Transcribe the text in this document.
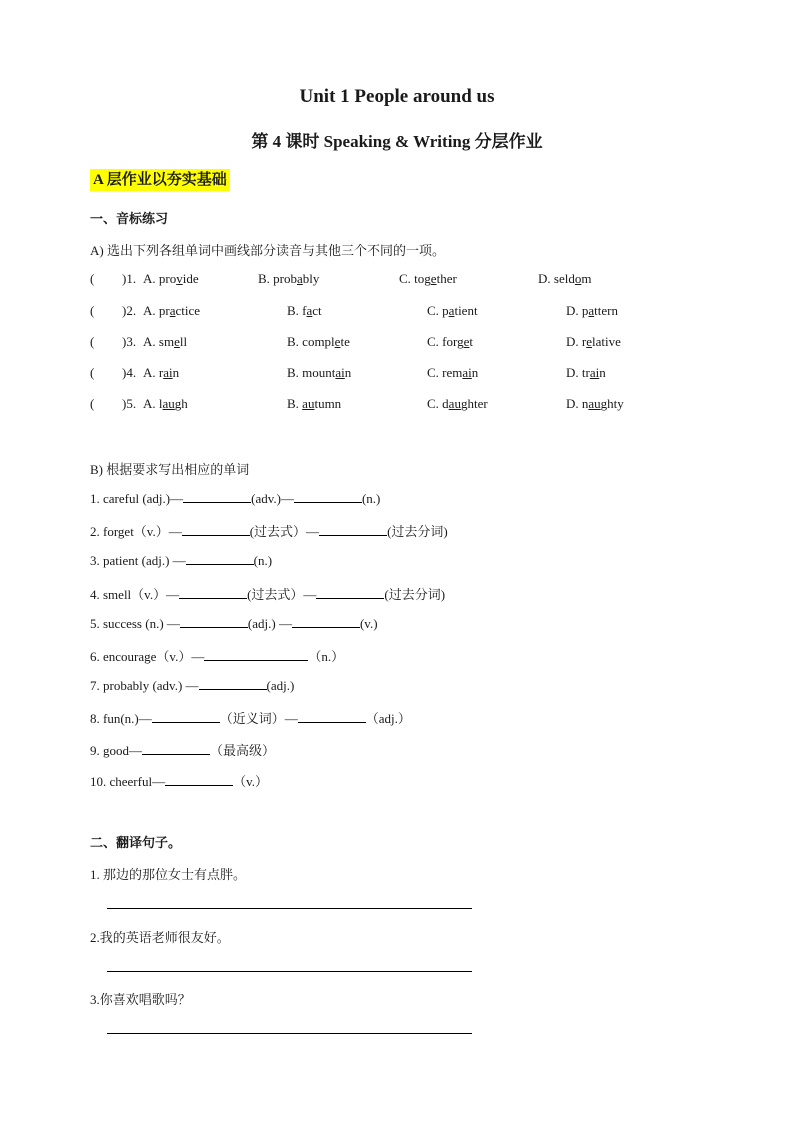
Unit 1 People around us
第 4 课时 Speaking & Writing 分层作业
A 层作业以夯实基础
一、音标练习
A) 选出下列各组单词中画线部分读音与其他三个不同的一项。
( )1. A. provide	B. probably	C. together	D. seldom
( )2. A. practice	B. fact	C. patient	D. pattern
( )3. A. smell	B. complete	C. forget	D. relative
( )4. A. rain	B. mountain	C. remain	D. train
( )5. A. laugh	B. autumn	C. daughter	D. naughty
B) 根据要求写出相应的单词
1. careful (adj.)—	(adv.)—	(n.)
2. forget（v.）—	(过去式）—	(过去分词)
3. patient (adj.) —	(n.)
4. smell（v.）—	(过去式）—	(过去分词)
5. success (n.) —	(adj.) —	(v.)
6. encourage（v.）—	（n.）
7. probably (adv.) —	(adj.)
8. fun(n.)—	（近义词）—	（adj.）
9. good—	（最高级）
10. cheerful—	（v.）
二、翻译句子。
1. 那边的那位女士有点胖。
2.我的英语老师很友好。
3.你喜欢唱歌吗？
